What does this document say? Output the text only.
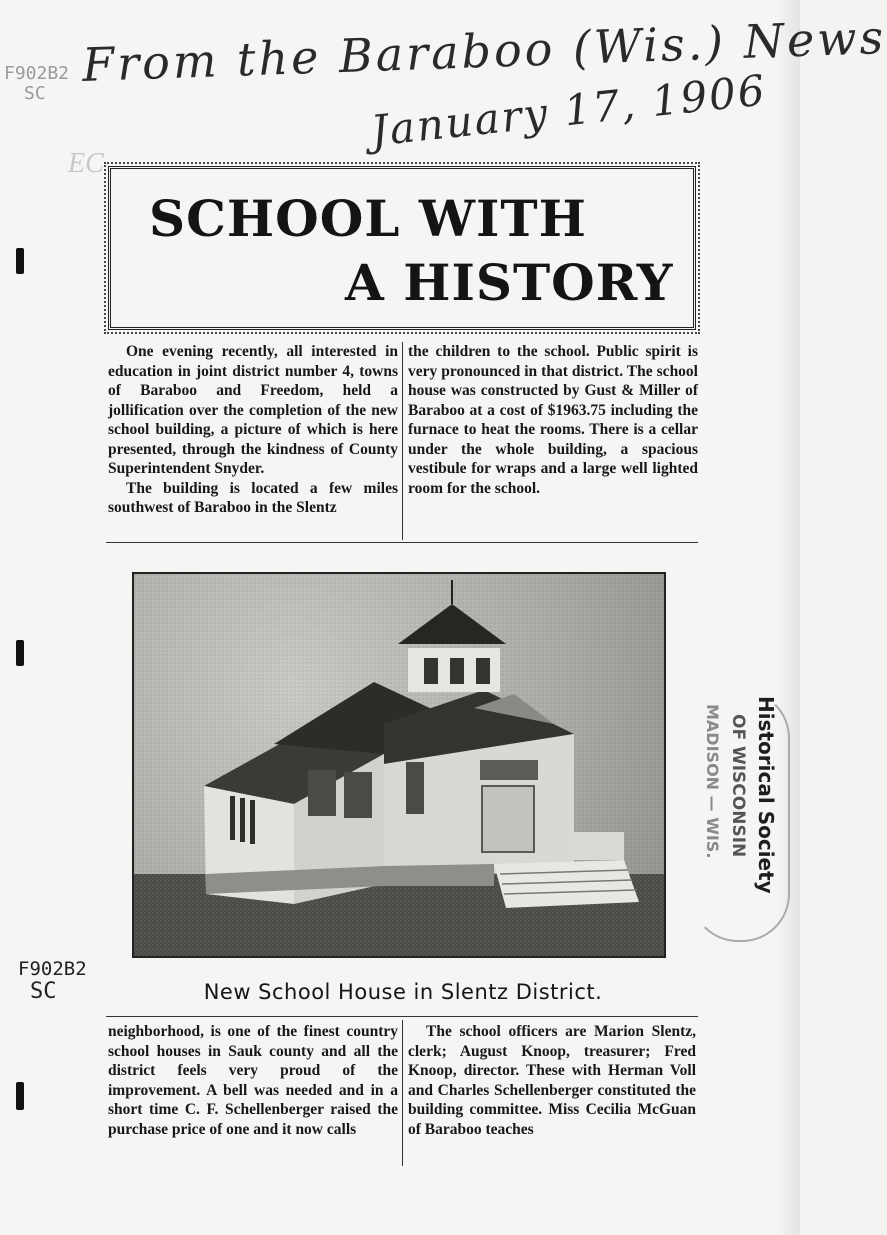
From the Baraboo (Wis.) News
January 17, 1906
F902B2
SC
EC
SCHOOL WITH
A HISTORY

One evening recently, all interested in education in joint district number 4, towns of Baraboo and Freedom, held a jollification over the completion of the new school building, a picture of which is here presented, through the kindness of County Superintendent Snyder.

The building is located a few miles southwest of Baraboo in the Slentz

the children to the school. Public spirit is very pronounced in that district. The school house was constructed by Gust & Miller of Baraboo at a cost of $1963.75 including the furnace to heat the rooms. There is a cellar under the whole building, a spacious vestibule for wraps and a large well lighted room for the school.

New School House in Slentz District.
F902B2
SC

neighborhood, is one of the finest country school houses in Sauk county and all the district feels very proud of the improvement. A bell was needed and in a short time C. F. Schellenberger raised the purchase price of one and it now calls

The school officers are Marion Slentz, clerk; August Knoop, treasurer; Fred Knoop, director. These with Herman Voll and Charles Schellenberger constituted the building committee. Miss Cecilia McGuan of Baraboo teaches

Historical Society
OF WISCONSIN
MADISON — WIS.
